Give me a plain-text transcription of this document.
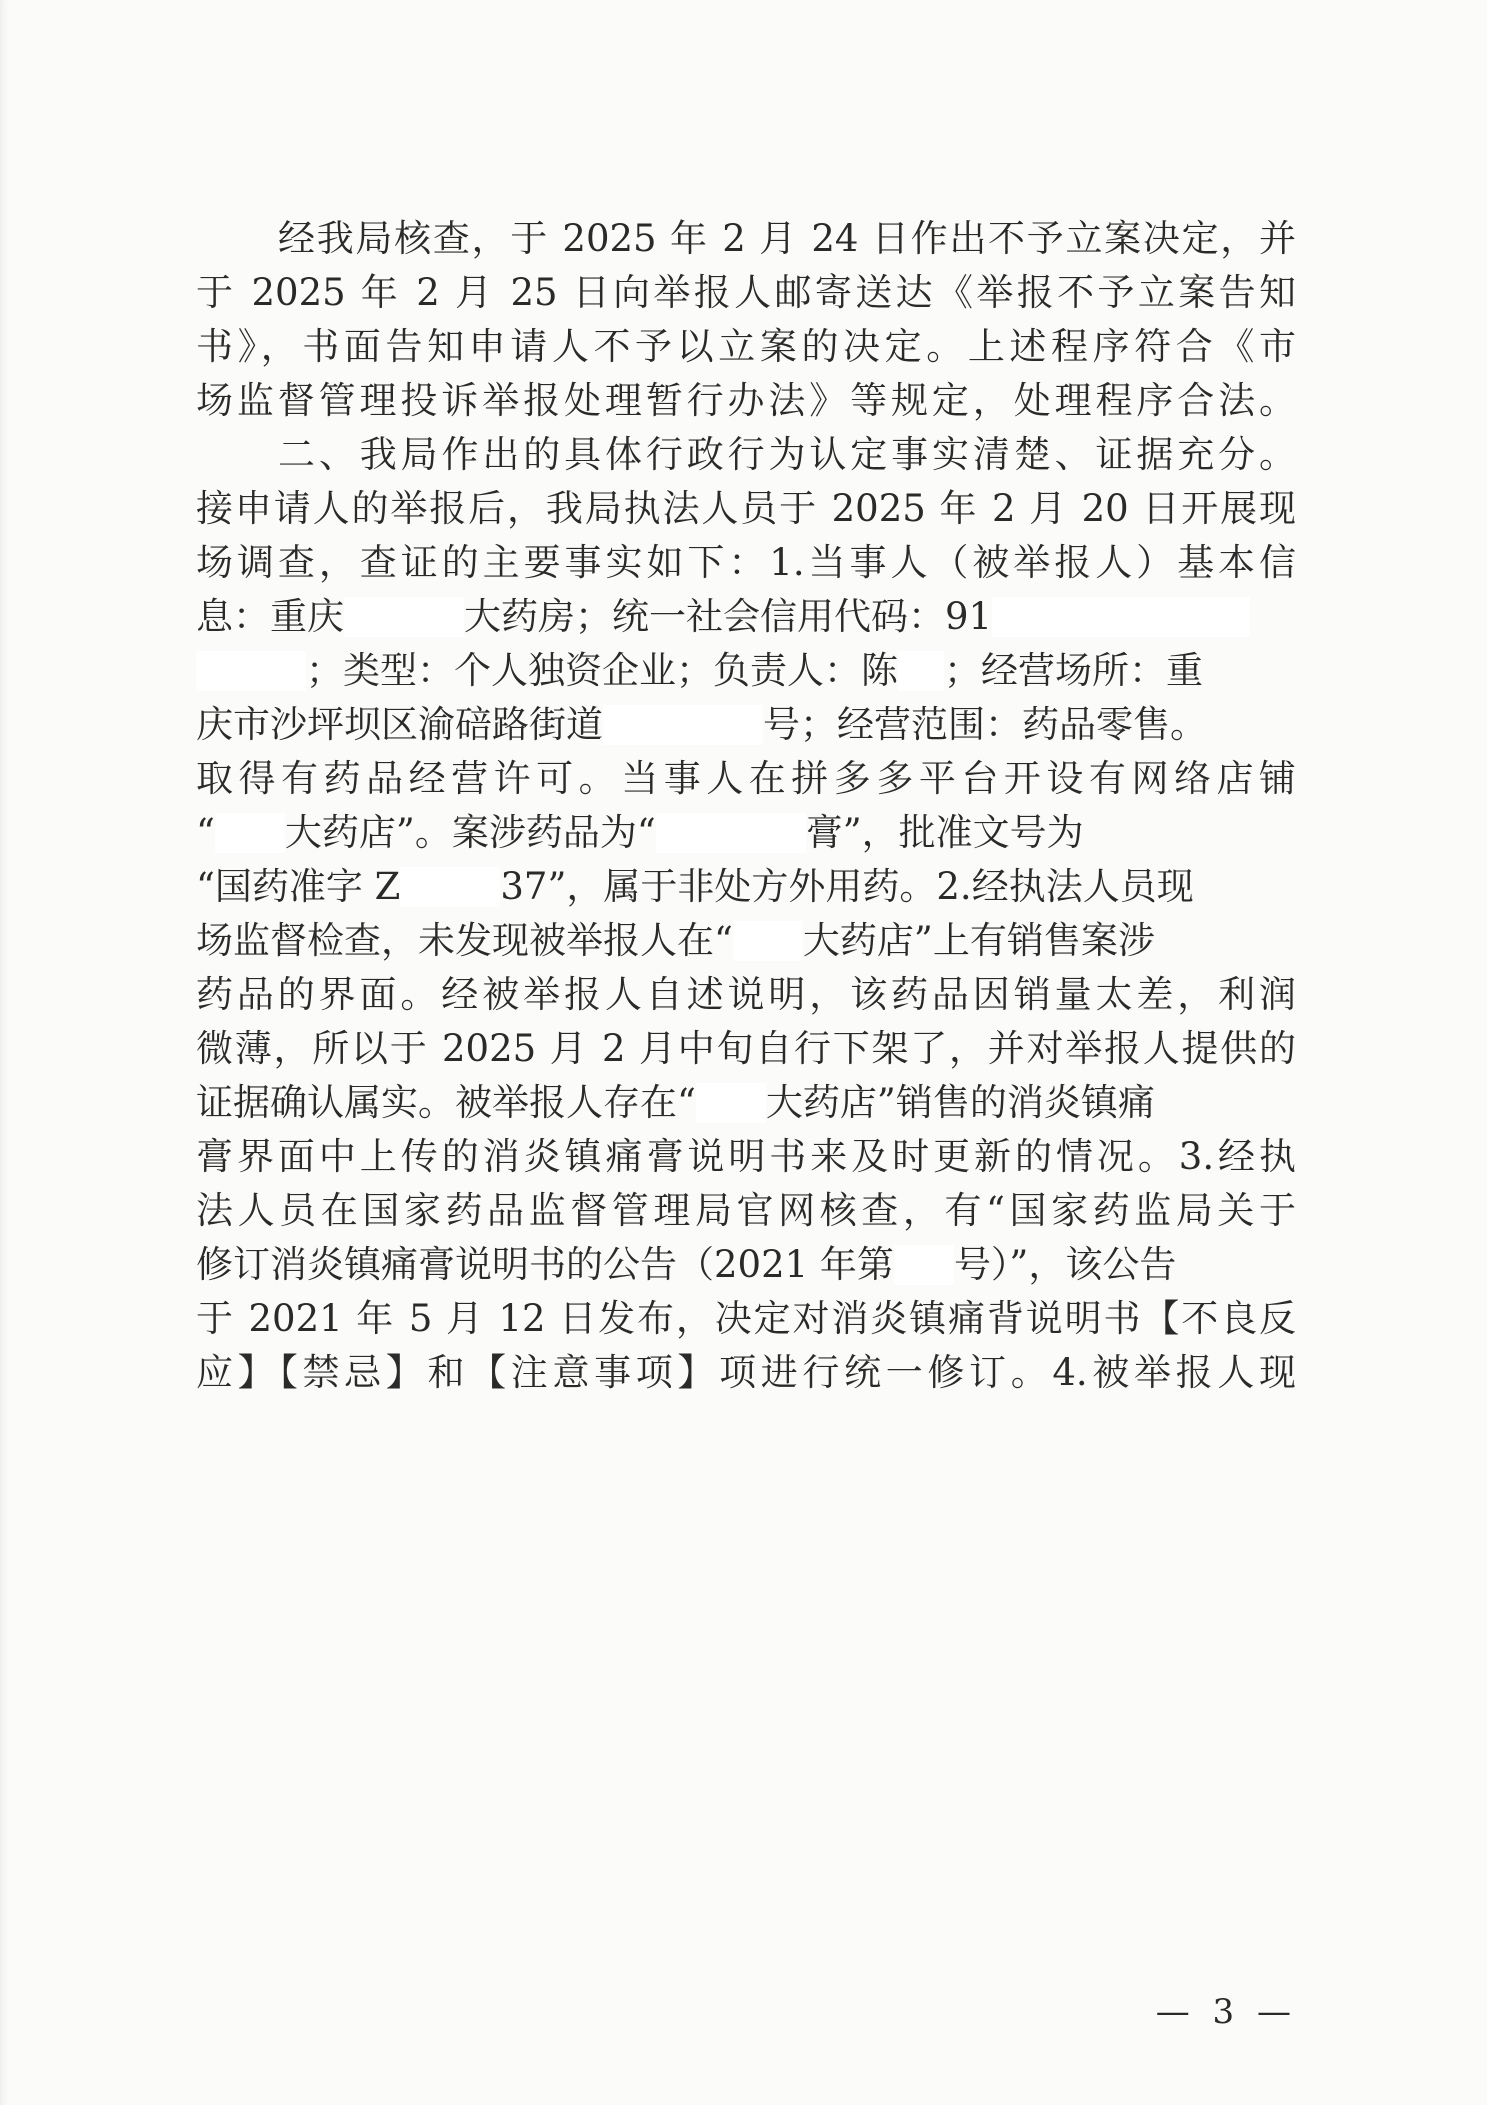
经我局核查，于 2025 年 2 月 24 日作出不予立案决定，并
于 2025 年 2 月 25 日向举报人邮寄送达《举报不予立案告知
书》，书面告知申请人不予以立案的决定。上述程序符合《市
场监督管理投诉举报处理暂行办法》等规定，处理程序合法。
二、我局作出的具体行政行为认定事实清楚、证据充分。
接申请人的举报后，我局执法人员于 2025 年 2 月 20 日开展现
场调查，查证的主要事实如下：1.当事人（被举报人）基本信
息：重庆	大药房；统一社会信用代码：91
；类型：个人独资企业；负责人：陈 ；经营场所：重
庆市沙坪坝区渝碚路街道	号；经营范围：药品零售。
取得有药品经营许可。当事人在拼多多平台开设有网络店铺
“ 大药店”。案涉药品为“	膏”，批准文号为
“国药准字 Z	37”，属于非处方外用药。2.经执法人员现
场监督检查，未发现被举报人在“ 大药店”上有销售案涉
药品的界面。经被举报人自述说明，该药品因销量太差，利润
微薄，所以于 2025 月 2 月中旬自行下架了，并对举报人提供的
证据确认属实。被举报人存在“ 大药店”销售的消炎镇痛
膏界面中上传的消炎镇痛膏说明书来及时更新的情况。3.经执
法人员在国家药品监督管理局官网核查，有“国家药监局关于
修订消炎镇痛膏说明书的公告（2021 年第 号）”，该公告
于 2021 年 5 月 12 日发布，决定对消炎镇痛背说明书【不良反
应】【禁忌】和【注意事项】项进行统一修订。4.被举报人现
— 3 —
